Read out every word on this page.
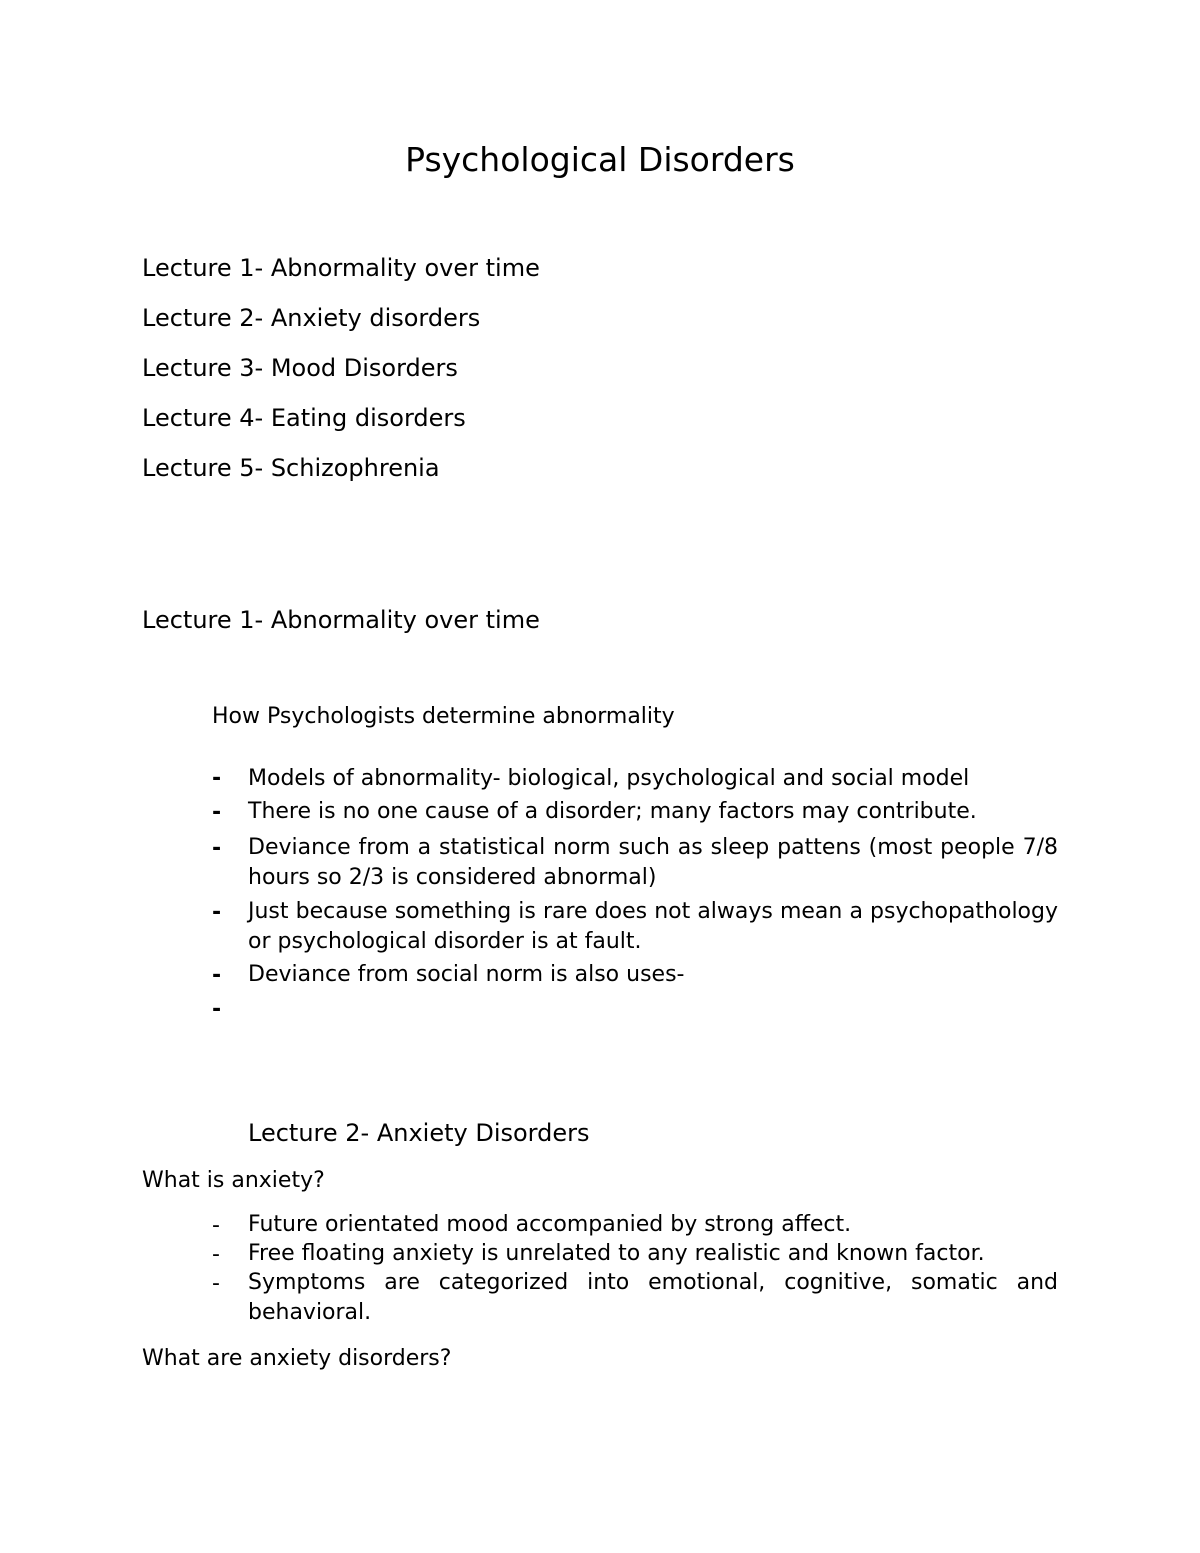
Psychological Disorders
Lecture 1- Abnormality over time
Lecture 2- Anxiety disorders
Lecture 3- Mood Disorders
Lecture 4- Eating disorders
Lecture 5- Schizophrenia
Lecture 1- Abnormality over time
How Psychologists determine abnormality
- Models of abnormality- biological, psychological and social model
- There is no one cause of a disorder; many factors may contribute.
- Deviance from a statistical norm such as sleep pattens (most people 7/8 hours so 2/3 is considered abnormal)
- Just because something is rare does not always mean a psychopathology or psychological disorder is at fault.
- Deviance from social norm is also uses-
-
Lecture 2- Anxiety Disorders
What is anxiety?
- Future orientated mood accompanied by strong affect.
- Free floating anxiety is unrelated to any realistic and known factor.
- Symptoms are categorized into emotional, cognitive, somatic and behavioral.
What are anxiety disorders?
